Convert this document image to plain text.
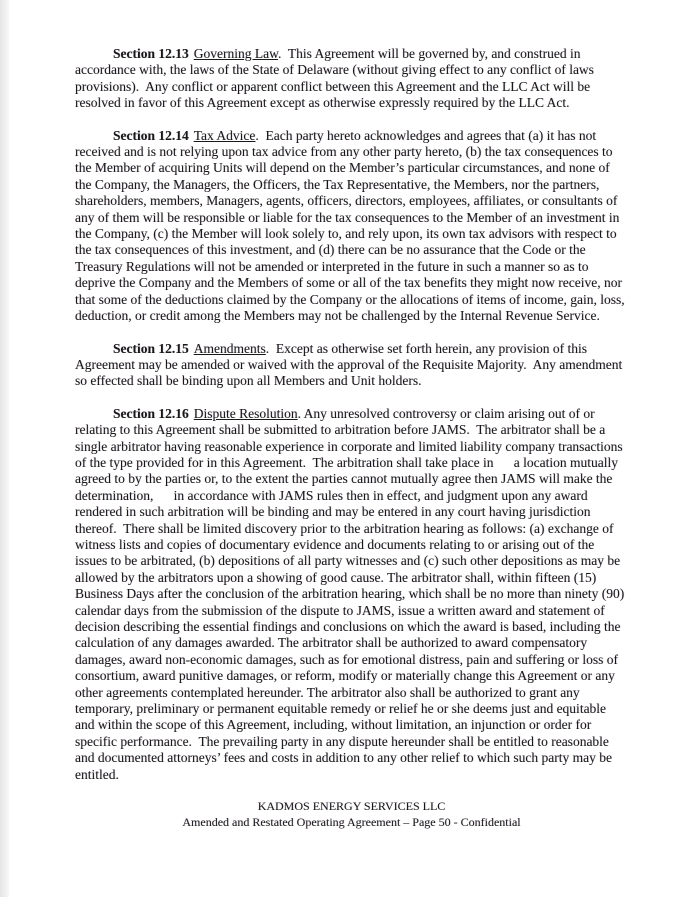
Section 12.13 Governing Law.  This Agreement will be governed by, and construed in accordance with, the laws of the State of Delaware (without giving effect to any conflict of laws provisions).  Any conflict or apparent conflict between this Agreement and the LLC Act will be resolved in favor of this Agreement except as otherwise expressly required by the LLC Act.

Section 12.14 Tax Advice.  Each party hereto acknowledges and agrees that (a) it has not received and is not relying upon tax advice from any other party hereto, (b) the tax consequences to the Member of acquiring Units will depend on the Member’s particular circumstances, and none of the Company, the Managers, the Officers, the Tax Representative, the Members, nor the partners, shareholders, members, Managers, agents, officers, directors, employees, affiliates, or consultants of any of them will be responsible or liable for the tax consequences to the Member of an investment in the Company, (c) the Member will look solely to, and rely upon, its own tax advisors with respect to the tax consequences of this investment, and (d) there can be no assurance that the Code or the Treasury Regulations will not be amended or interpreted in the future in such a manner so as to deprive the Company and the Members of some or all of the tax benefits they might now receive, nor that some of the deductions claimed by the Company or the allocations of items of income, gain, loss, deduction, or credit among the Members may not be challenged by the Internal Revenue Service.

Section 12.15 Amendments.  Except as otherwise set forth herein, any provision of this Agreement may be amended or waived with the approval of the Requisite Majority.  Any amendment so effected shall be binding upon all Members and Unit holders.

Section 12.16 Dispute Resolution. Any unresolved controversy or claim arising out of or relating to this Agreement shall be submitted to arbitration before JAMS.  The arbitrator shall be a single arbitrator having reasonable experience in corporate and limited liability company transactions of the type provided for in this Agreement.  The arbitration shall take place in      a location mutually agreed to by the parties or, to the extent the parties cannot mutually agree then JAMS will make the determination,      in accordance with JAMS rules then in effect, and judgment upon any award rendered in such arbitration will be binding and may be entered in any court having jurisdiction thereof.  There shall be limited discovery prior to the arbitration hearing as follows: (a) exchange of witness lists and copies of documentary evidence and documents relating to or arising out of the issues to be arbitrated, (b) depositions of all party witnesses and (c) such other depositions as may be allowed by the arbitrators upon a showing of good cause. The arbitrator shall, within fifteen (15) Business Days after the conclusion of the arbitration hearing, which shall be no more than ninety (90) calendar days from the submission of the dispute to JAMS, issue a written award and statement of decision describing the essential findings and conclusions on which the award is based, including the calculation of any damages awarded. The arbitrator shall be authorized to award compensatory damages, award non-economic damages, such as for emotional distress, pain and suffering or loss of consortium, award punitive damages, or reform, modify or materially change this Agreement or any other agreements contemplated hereunder. The arbitrator also shall be authorized to grant any temporary, preliminary or permanent equitable remedy or relief he or she deems just and equitable and within the scope of this Agreement, including, without limitation, an injunction or order for specific performance.  The prevailing party in any dispute hereunder shall be entitled to reasonable and documented attorneys’ fees and costs in addition to any other relief to which such party may be entitled.

KADMOS ENERGY SERVICES LLC
Amended and Restated Operating Agreement – Page 50 - Confidential
